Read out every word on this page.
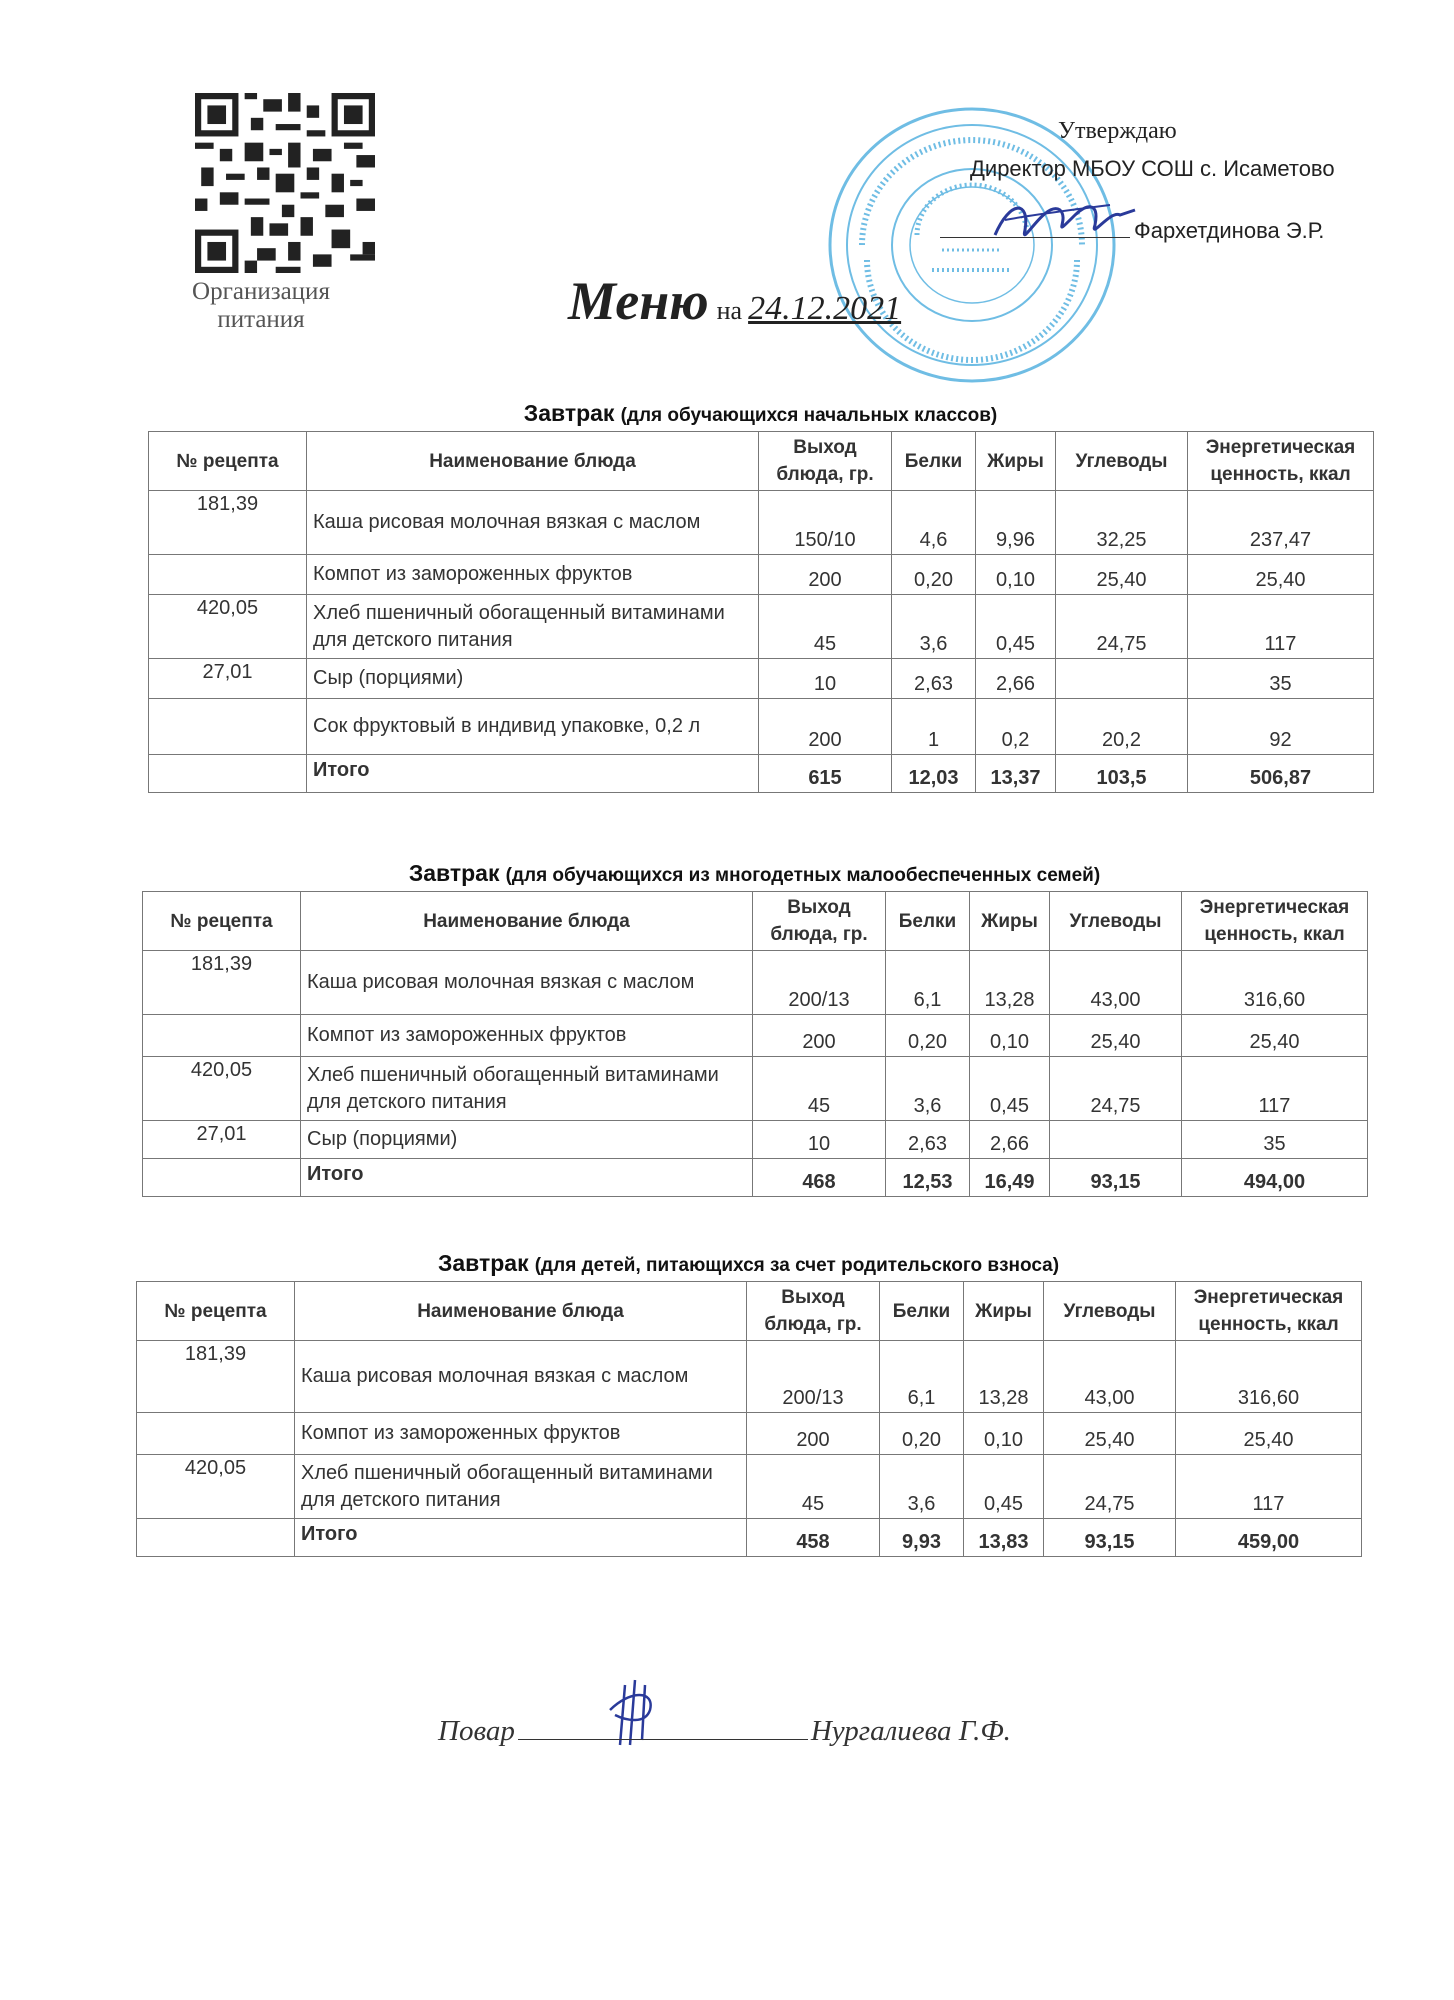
Организация питания
Утверждаю
Директор МБОУ СОШ с. Исаметово
Фархетдинова Э.Р.
Меню на 24.12.2021
Завтрак (для обучающихся начальных классов)
№ рецепта	Наименование блюда	Выход блюда, гр.	Белки	Жиры	Углеводы	Энергетическая ценность, ккал
181,39	Каша рисовая молочная вязкая с маслом	150/10	4,6	9,96	32,25	237,47
	Компот из замороженных фруктов	200	0,20	0,10	25,40	25,40
420,05	Хлеб пшеничный обогащенный витаминами для детского питания	45	3,6	0,45	24,75	117
27,01	Сыр (порциями)	10	2,63	2,66		35
	Сок фруктовый в индивид упаковке, 0,2 л	200	1	0,2	20,2	92
	Итого	615	12,03	13,37	103,5	506,87
Завтрак (для обучающихся из многодетных малообеспеченных семей)
№ рецепта	Наименование блюда	Выход блюда, гр.	Белки	Жиры	Углеводы	Энергетическая ценность, ккал
181,39	Каша рисовая молочная вязкая с маслом	200/13	6,1	13,28	43,00	316,60
	Компот из замороженных фруктов	200	0,20	0,10	25,40	25,40
420,05	Хлеб пшеничный обогащенный витаминами для детского питания	45	3,6	0,45	24,75	117
27,01	Сыр (порциями)	10	2,63	2,66		35
	Итого	468	12,53	16,49	93,15	494,00
Завтрак (для детей, питающихся за счет родительского взноса)
№ рецепта	Наименование блюда	Выход блюда, гр.	Белки	Жиры	Углеводы	Энергетическая ценность, ккал
181,39	Каша рисовая молочная вязкая с маслом	200/13	6,1	13,28	43,00	316,60
	Компот из замороженных фруктов	200	0,20	0,10	25,40	25,40
420,05	Хлеб пшеничный обогащенный витаминами для детского питания	45	3,6	0,45	24,75	117
	Итого	458	9,93	13,83	93,15	459,00
Повар	Нургалиева Г.Ф.
